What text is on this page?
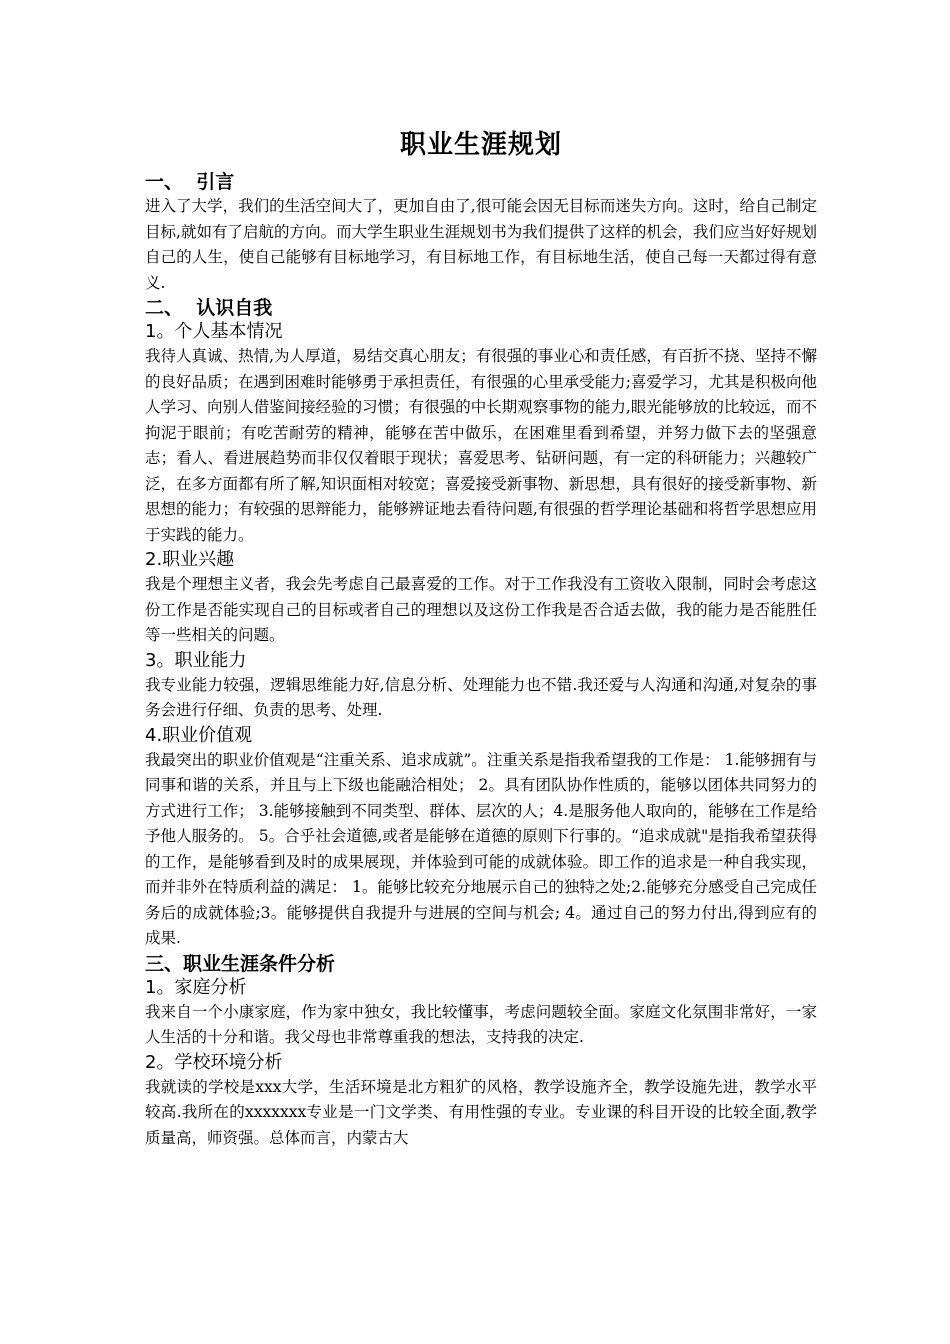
职业生涯规划
一、  引言

进入了大学，我们的生活空间大了，更加自由了,很可能会因无目标而迷失方向。这时，给自己制定目标,就如有了启航的方向。而大学生职业生涯规划书为我们提供了这样的机会，我们应当好好规划自己的人生，使自己能够有目标地学习，有目标地工作，有目标地生活，使自己每一天都过得有意义.

二、  认识自我
1。个人基本情况

我待人真诚、热情,为人厚道，易结交真心朋友；有很强的事业心和责任感，有百折不挠、坚持不懈的良好品质；在遇到困难时能够勇于承担责任，有很强的心里承受能力;喜爱学习，尤其是积极向他人学习、向别人借鉴间接经验的习惯；有很强的中长期观察事物的能力,眼光能够放的比较远，而不拘泥于眼前；有吃苦耐劳的精神，能够在苦中做乐，在困难里看到希望，并努力做下去的坚强意志；看人、看进展趋势而非仅仅着眼于现状；喜爱思考、钻研问题，有一定的科研能力；兴趣较广泛，在多方面都有所了解,知识面相对较宽；喜爱接受新事物、新思想，具有很好的接受新事物、新思想的能力；有较强的思辩能力，能够辨证地去看待问题,有很强的哲学理论基础和将哲学思想应用于实践的能力。

2.职业兴趣

我是个理想主义者，我会先考虑自己最喜爱的工作。对于工作我没有工资收入限制，同时会考虑这份工作是否能实现自己的目标或者自己的理想以及这份工作我是否合适去做，我的能力是否能胜任等一些相关的问题。

3。职业能力

我专业能力较强，逻辑思维能力好,信息分析、处理能力也不错.我还爱与人沟通和沟通,对复杂的事务会进行仔细、负责的思考、处理.

4.职业价值观

我最突出的职业价值观是“注重关系、追求成就”。注重关系是指我希望我的工作是： 1.能够拥有与同事和谐的关系，并且与上下级也能融洽相处； 2。具有团队协作性质的，能够以团体共同努力的方式进行工作； 3.能够接触到不同类型、群体、层次的人；4.是服务他人取向的，能够在工作是给予他人服务的。 5。合乎社会道德,或者是能够在道德的原则下行事的。“追求成就"是指我希望获得的工作，是能够看到及时的成果展现，并体验到可能的成就体验。即工作的追求是一种自我实现，而并非外在特质利益的满足： 1。能够比较充分地展示自己的独特之处;2.能够充分感受自己完成任务后的成就体验;3。能够提供自我提升与进展的空间与机会; 4。通过自己的努力付出,得到应有的成果.

三、职业生涯条件分析
1。家庭分析

我来自一个小康家庭，作为家中独女，我比较懂事，考虑问题较全面。家庭文化氛围非常好，一家人生活的十分和谐。我父母也非常尊重我的想法，支持我的决定.

2。学校环境分析

我就读的学校是xxx大学，生活环境是北方粗犷的风格，教学设施齐全，教学设施先进，教学水平较高.我所在的xxxxxxx专业是一门文学类、有用性强的专业。专业课的科目开设的比较全面,教学质量高，师资强。总体而言，内蒙古大
